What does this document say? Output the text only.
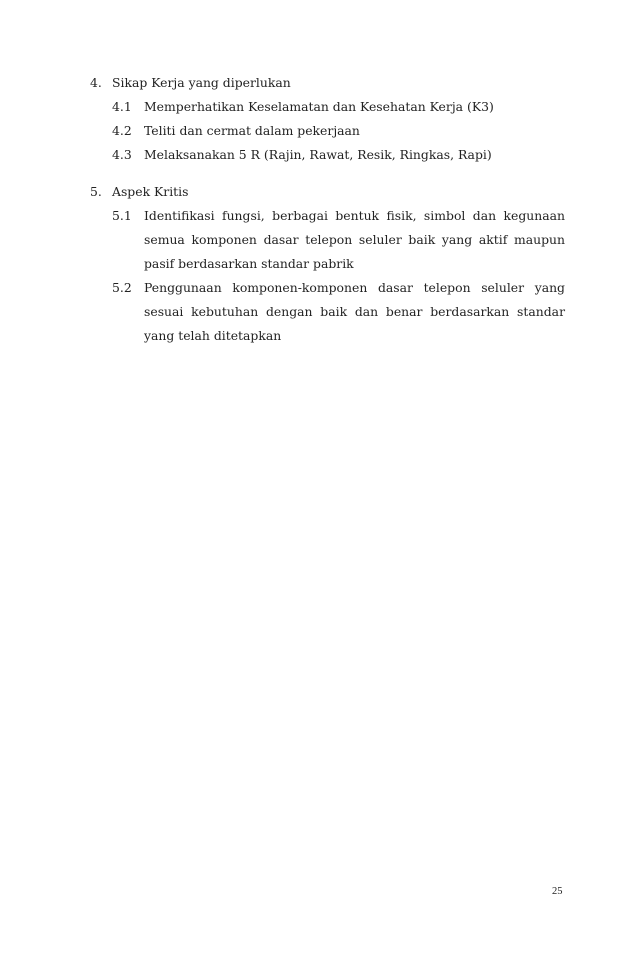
4. Sikap Kerja yang diperlukan
4.1 Memperhatikan Keselamatan dan Kesehatan Kerja (K3)
4.2 Teliti dan cermat dalam pekerjaan
4.3 Melaksanakan 5 R (Rajin, Rawat, Resik, Ringkas, Rapi)
5. Aspek Kritis
5.1 Identifikasi fungsi, berbagai bentuk fisik, simbol dan kegunaan semua komponen dasar telepon seluler baik yang aktif maupun pasif berdasarkan standar pabrik
5.2 Penggunaan komponen-komponen dasar telepon seluler yang sesuai kebutuhan dengan baik dan benar berdasarkan standar yang telah ditetapkan
25
